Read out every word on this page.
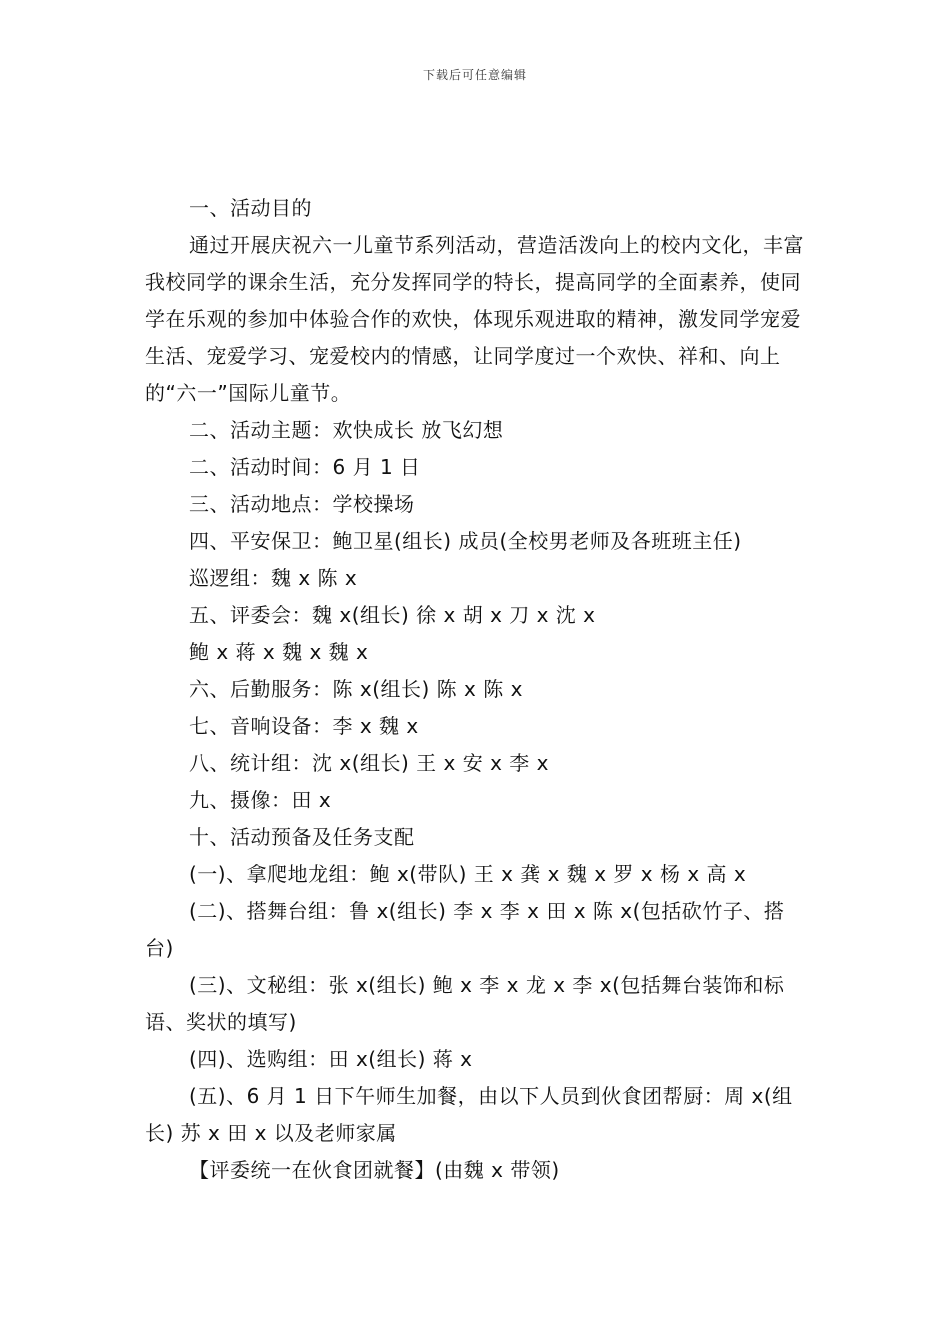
下载后可任意编辑

一、活动目的

通过开展庆祝六一儿童节系列活动，营造活泼向上的校内文化，丰富我校同学的课余生活，充分发挥同学的特长，提高同学的全面素养，使同学在乐观的参加中体验合作的欢快，体现乐观进取的精神，激发同学宠爱生活、宠爱学习、宠爱校内的情感，让同学度过一个欢快、祥和、向上的“六一”国际儿童节。

二、活动主题：欢快成长 放飞幻想

二、活动时间：6 月 1 日

三、活动地点：学校操场

四、平安保卫：鲍卫星(组长) 成员(全校男老师及各班班主任)

巡逻组：魏 x 陈 x

五、评委会：魏 x(组长) 徐 x 胡 x 刀 x 沈 x

鲍 x 蒋 x 魏 x 魏 x

六、后勤服务：陈 x(组长) 陈 x 陈 x

七、音响设备：李 x 魏 x

八、统计组：沈 x(组长) 王 x 安 x 李 x

九、摄像：田 x

十、活动预备及任务支配

(一)、拿爬地龙组：鲍 x(带队) 王 x 龚 x 魏 x 罗 x 杨 x 高 x

(二)、搭舞台组：鲁 x(组长) 李 x 李 x 田 x 陈 x(包括砍竹子、搭台)

(三)、文秘组：张 x(组长) 鲍 x 李 x 龙 x 李 x(包括舞台装饰和标语、奖状的填写)

(四)、选购组：田 x(组长) 蒋 x

(五)、6 月 1 日下午师生加餐，由以下人员到伙食团帮厨：周 x(组长) 苏 x 田 x 以及老师家属

【评委统一在伙食团就餐】(由魏 x 带领)
